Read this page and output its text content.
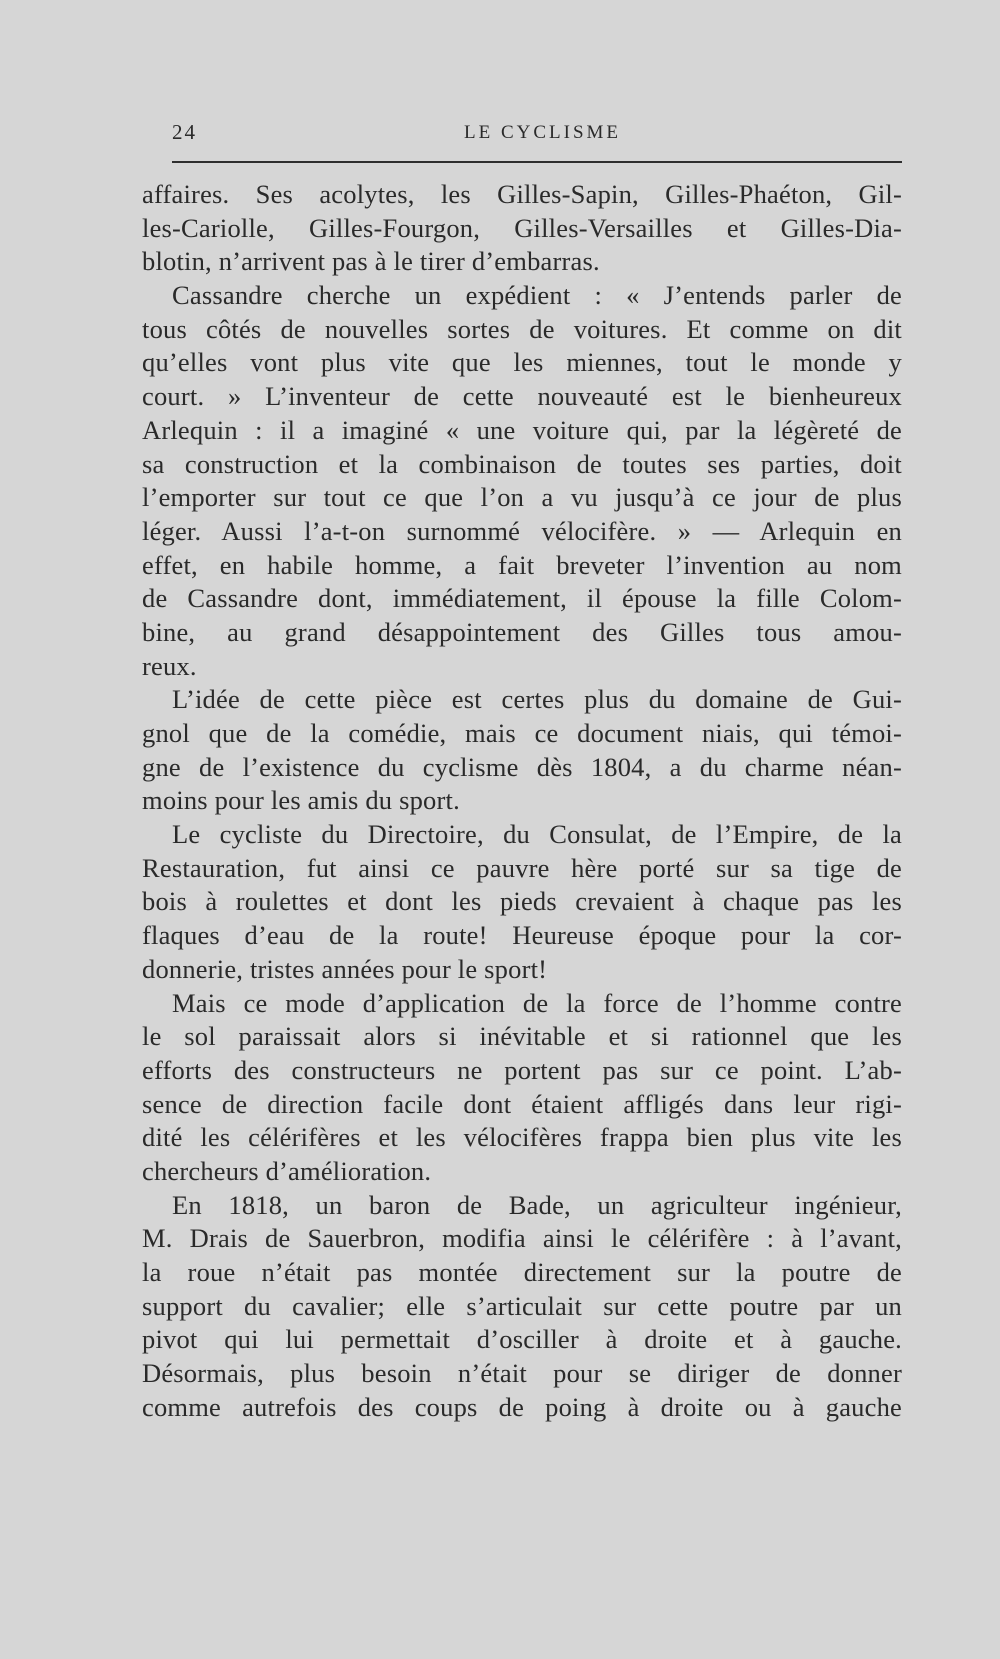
24	LE CYCLISME
affaires. Ses acolytes, les Gilles-Sapin, Gilles-Phaéton, Gil-
les-Cariolle, Gilles-Fourgon, Gilles-Versailles et Gilles-Dia-
blotin, n’arrivent pas à le tirer d’embarras.
Cassandre cherche un expédient : « J’entends parler de
tous côtés de nouvelles sortes de voitures. Et comme on dit
qu’elles vont plus vite que les miennes, tout le monde y
court. » L’inventeur de cette nouveauté est le bienheureux
Arlequin : il a imaginé « une voiture qui, par la légèreté de
sa construction et la combinaison de toutes ses parties, doit
l’emporter sur tout ce que l’on a vu jusqu’à ce jour de plus
léger. Aussi l’a-t-on surnommé vélocifère. » — Arlequin en
effet, en habile homme, a fait breveter l’invention au nom
de Cassandre dont, immédiatement, il épouse la fille Colom-
bine, au grand désappointement des Gilles tous amou-
reux.
L’idée de cette pièce est certes plus du domaine de Gui-
gnol que de la comédie, mais ce document niais, qui témoi-
gne de l’existence du cyclisme dès 1804, a du charme néan-
moins pour les amis du sport.
Le cycliste du Directoire, du Consulat, de l’Empire, de la
Restauration, fut ainsi ce pauvre hère porté sur sa tige de
bois à roulettes et dont les pieds crevaient à chaque pas les
flaques d’eau de la route! Heureuse époque pour la cor-
donnerie, tristes années pour le sport!
Mais ce mode d’application de la force de l’homme contre
le sol paraissait alors si inévitable et si rationnel que les
efforts des constructeurs ne portent pas sur ce point. L’ab-
sence de direction facile dont étaient affligés dans leur rigi-
dité les célérifères et les vélocifères frappa bien plus vite les
chercheurs d’amélioration.
En 1818, un baron de Bade, un agriculteur ingénieur,
M. Drais de Sauerbron, modifia ainsi le célérifère : à l’avant,
la roue n’était pas montée directement sur la poutre de
support du cavalier; elle s’articulait sur cette poutre par un
pivot qui lui permettait d’osciller à droite et à gauche.
Désormais, plus besoin n’était pour se diriger de donner
comme autrefois des coups de poing à droite ou à gauche
